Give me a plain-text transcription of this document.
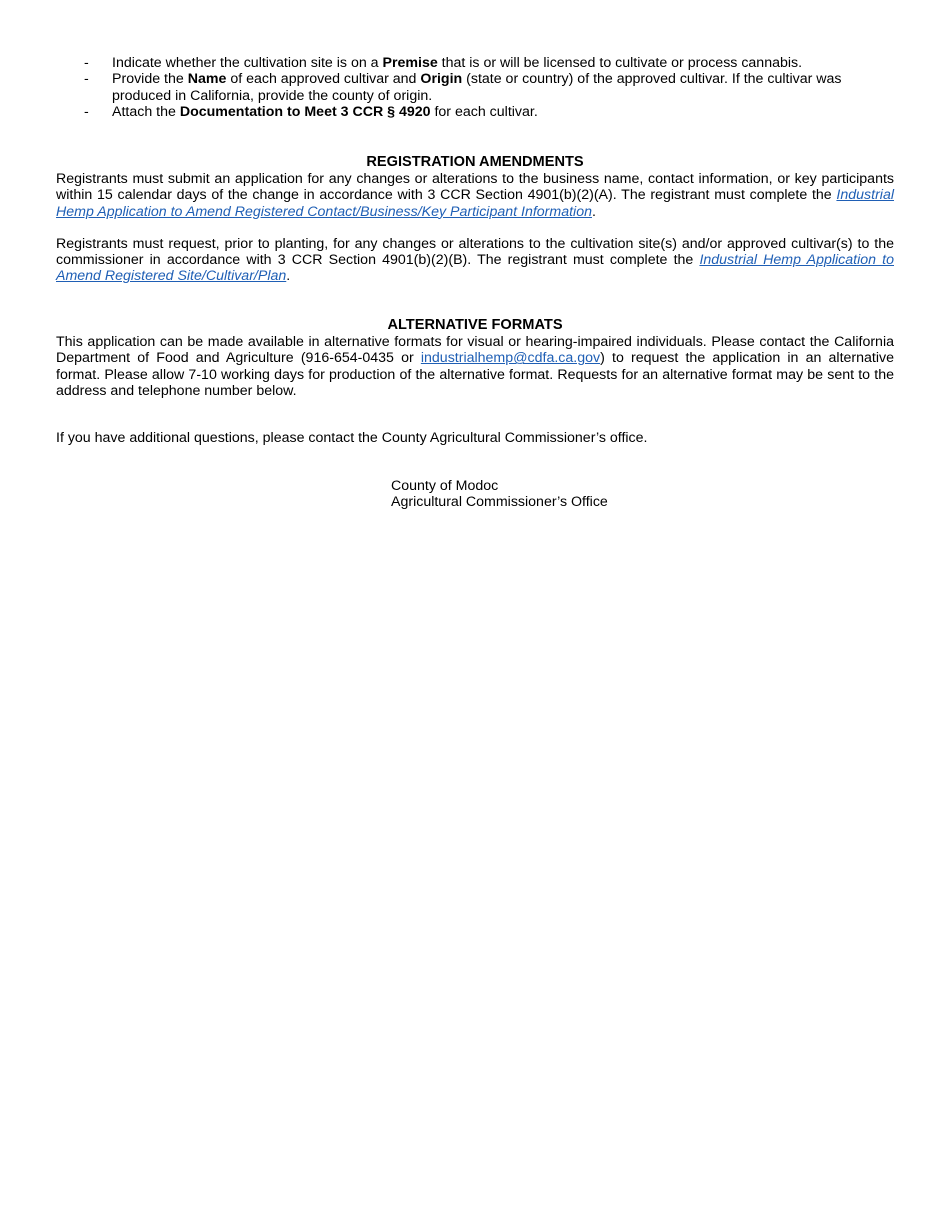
-	Indicate whether the cultivation site is on a Premise that is or will be licensed to cultivate or process cannabis.
-	Provide the Name of each approved cultivar and Origin (state or country) of the approved cultivar. If the cultivar was produced in California, provide the county of origin.
-	Attach the Documentation to Meet 3 CCR § 4920 for each cultivar.
REGISTRATION AMENDMENTS

Registrants must submit an application for any changes or alterations to the business name, contact information, or key participants within 15 calendar days of the change in accordance with 3 CCR Section 4901(b)(2)(A). The registrant must complete the Industrial Hemp Application to Amend Registered Contact/Business/Key Participant Information.

Registrants must request, prior to planting, for any changes or alterations to the cultivation site(s) and/or approved cultivar(s) to the commissioner in accordance with 3 CCR Section 4901(b)(2)(B). The registrant must complete the Industrial Hemp Application to Amend Registered Site/Cultivar/Plan.

ALTERNATIVE FORMATS

This application can be made available in alternative formats for visual or hearing-impaired individuals. Please contact the California Department of Food and Agriculture (916-654-0435 or industrialhemp@cdfa.ca.gov) to request the application in an alternative format. Please allow 7-10 working days for production of the alternative format. Requests for an alternative format may be sent to the address and telephone number below.

If you have additional questions, please contact the County Agricultural Commissioner’s office.
County of Modoc
Agricultural Commissioner’s Office
